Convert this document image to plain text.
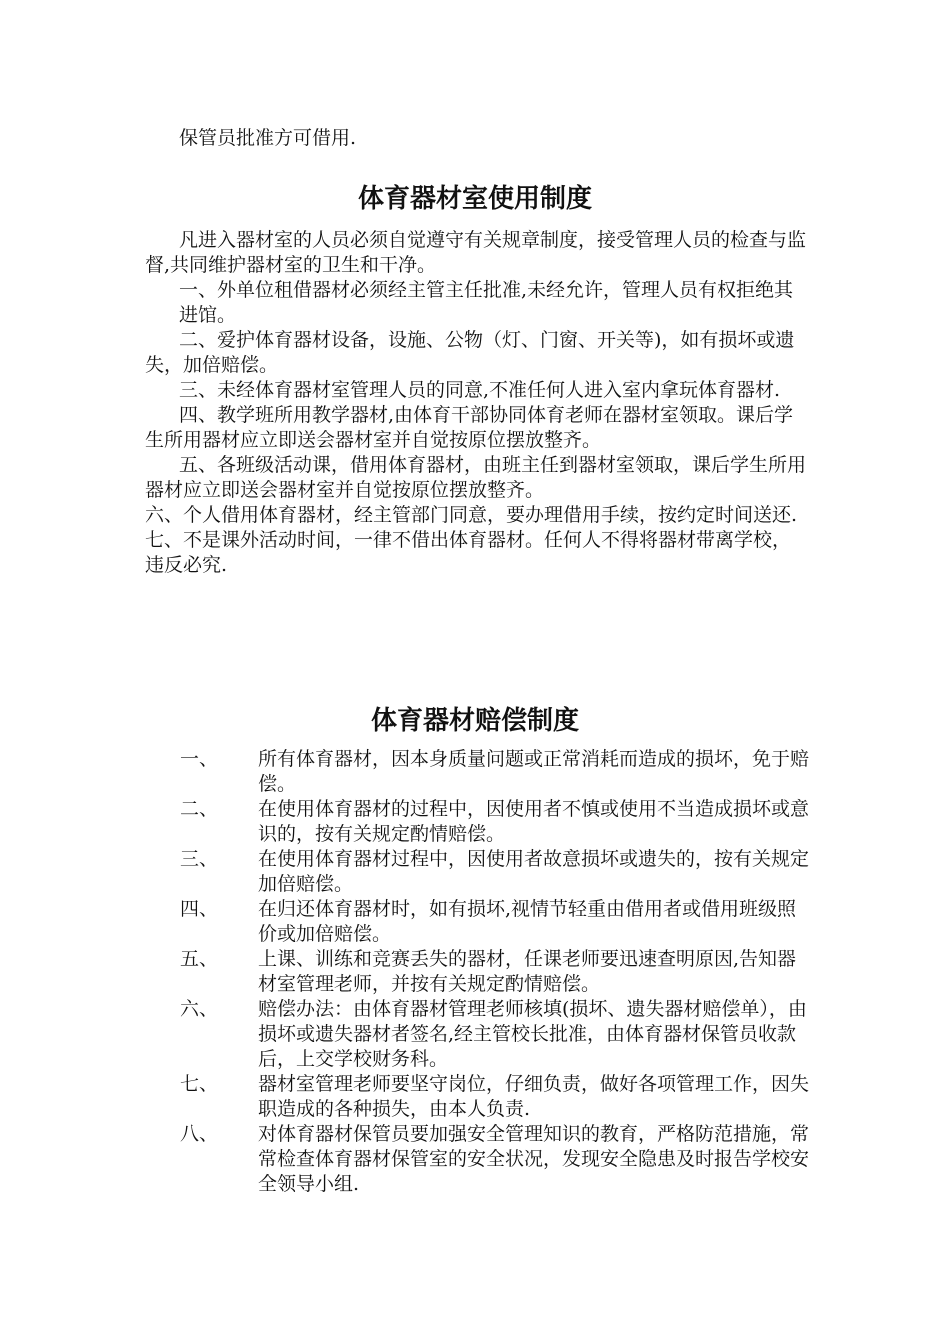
保管员批准方可借用.

体育器材室使用制度

凡进入器材室的人员必须自觉遵守有关规章制度，接受管理人员的检查与监督,共同维护器材室的卫生和干净。

一、外单位租借器材必须经主管主任批准,未经允许，管理人员有权拒绝其进馆。

二、爱护体育器材设备，设施、公物（灯、门窗、开关等)，如有损坏或遗失，加倍赔偿。

三、未经体育器材室管理人员的同意,不准任何人进入室内拿玩体育器材.

四、教学班所用教学器材,由体育干部协同体育老师在器材室领取。课后学生所用器材应立即送会器材室并自觉按原位摆放整齐。

五、各班级活动课，借用体育器材，由班主任到器材室领取，课后学生所用器材应立即送会器材室并自觉按原位摆放整齐。

六、个人借用体育器材，经主管部门同意，要办理借用手续，按约定时间送还.

七、不是课外活动时间，一律不借出体育器材。任何人不得将器材带离学校，违反必究.

体育器材赔偿制度
一、	所有体育器材，因本身质量问题或正常消耗而造成的损坏，免于赔偿。
二、	在使用体育器材的过程中，因使用者不慎或使用不当造成损坏或意识的，按有关规定酌情赔偿。
三、	在使用体育器材过程中，因使用者故意损坏或遗失的，按有关规定加倍赔偿。
四、	在归还体育器材时，如有损坏,视情节轻重由借用者或借用班级照价或加倍赔偿。
五、	上课、训练和竞赛丢失的器材，任课老师要迅速查明原因,告知器材室管理老师，并按有关规定酌情赔偿。
六、	赔偿办法：由体育器材管理老师核填(损坏、遗失器材赔偿单），由损坏或遗失器材者签名,经主管校长批准，由体育器材保管员收款后，上交学校财务科。
七、	器材室管理老师要坚守岗位，仔细负责，做好各项管理工作，因失职造成的各种损失，由本人负责.
八、	对体育器材保管员要加强安全管理知识的教育，严格防范措施，常常检查体育器材保管室的安全状况，发现安全隐患及时报告学校安全领导小组.
